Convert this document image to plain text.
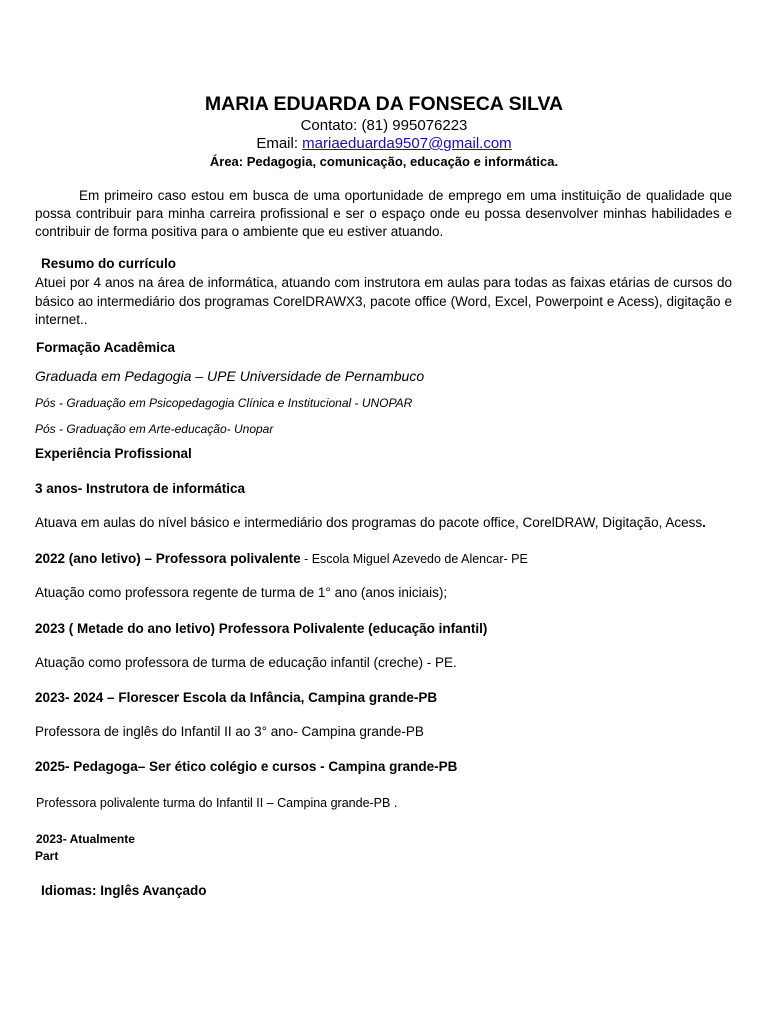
MARIA EDUARDA DA FONSECA SILVA
Contato: (81) 995076223
Email: mariaeduarda9507@gmail.com
Área: Pedagogia, comunicação, educação e informática.
Em primeiro caso estou em busca de uma oportunidade de emprego em uma instituição de qualidade que possa contribuir para minha carreira profissional e ser o espaço onde eu possa desenvolver minhas habilidades e contribuir de forma positiva para o ambiente que eu estiver atuando.
Resumo do currículo
Atuei por 4 anos na área de informática, atuando com instrutora em aulas para todas as faixas etárias de cursos do básico ao intermediário dos programas CorelDRAWX3, pacote office (Word, Excel, Powerpoint e Acess), digitação e internet..
Formação Acadêmica
Graduada em Pedagogia – UPE Universidade de Pernambuco
Pós - Graduação em Psicopedagogia Clínica e Institucional - UNOPAR
Pós - Graduação em Arte-educação- Unopar
Experiência Profissional
3 anos- Instrutora de informática
Atuava em aulas do nível básico e intermediário dos programas do pacote office, CorelDRAW, Digitação, Acess.
2022 (ano letivo) – Professora polivalente - Escola Miguel Azevedo de Alencar- PE
Atuação como professora regente de turma de 1° ano (anos iniciais);
2023 ( Metade do ano letivo) Professora Polivalente (educação infantil)
Atuação como professora de turma de educação infantil (creche) - PE.
2023- 2024 – Florescer Escola da Infância, Campina grande-PB
Professora de inglês do Infantil II ao 3° ano- Campina grande-PB
2025- Pedagoga– Ser ético colégio e cursos - Campina grande-PB
Professora polivalente turma do Infantil II – Campina grande-PB .
2023- Atualmente
Part
Idiomas: Inglês Avançado
